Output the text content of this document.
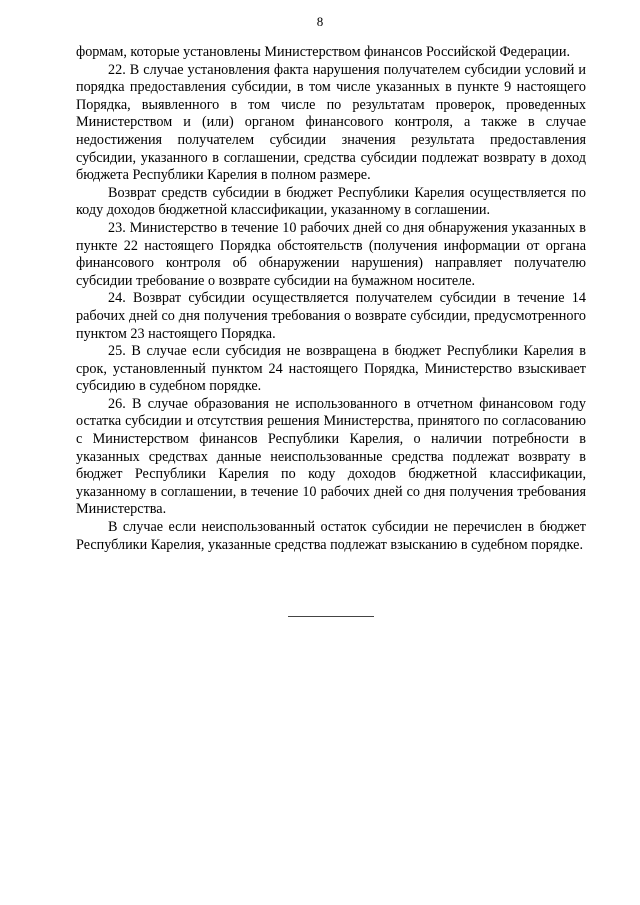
8

формам, которые установлены Министерством финансов Российской Федерации.

22. В случае установления факта нарушения получателем субсидии условий и порядка предоставления субсидии, в том числе указанных в пункте 9 настоящего Порядка, выявленного в том числе по результатам проверок, проведенных Министерством и (или) органом финансового контроля, а также в случае недостижения получателем субсидии значения результата предоставления субсидии, указанного в соглашении, средства субсидии подлежат возврату в доход бюджета Республики Карелия в полном размере.

Возврат средств субсидии в бюджет Республики Карелия осуществляется по коду доходов бюджетной классификации, указанному в соглашении.

23. Министерство в течение 10 рабочих дней со дня обнаружения указанных в пункте 22 настоящего Порядка обстоятельств (получения информации от органа финансового контроля об обнаружении нарушения) направляет получателю субсидии требование о возврате субсидии на бумажном носителе.

24. Возврат субсидии осуществляется получателем субсидии в течение 14 рабочих дней со дня получения требования о возврате субсидии, предусмотренного пунктом 23 настоящего Порядка.

25. В случае если субсидия не возвращена в бюджет Республики Карелия в срок, установленный пунктом 24 настоящего Порядка, Министерство взыскивает субсидию в судебном порядке.

26. В случае образования не использованного в отчетном финансовом году остатка субсидии и отсутствия решения Министерства, принятого по согласованию с Министерством финансов Республики Карелия, о наличии потребности в указанных средствах данные неиспользованные средства подлежат возврату в бюджет Республики Карелия по коду доходов бюджетной классификации, указанному в соглашении, в течение 10 рабочих дней со дня получения требования Министерства.

В случае если неиспользованный остаток субсидии не перечислен в бюджет Республики Карелия, указанные средства подлежат взысканию в судебном порядке.
